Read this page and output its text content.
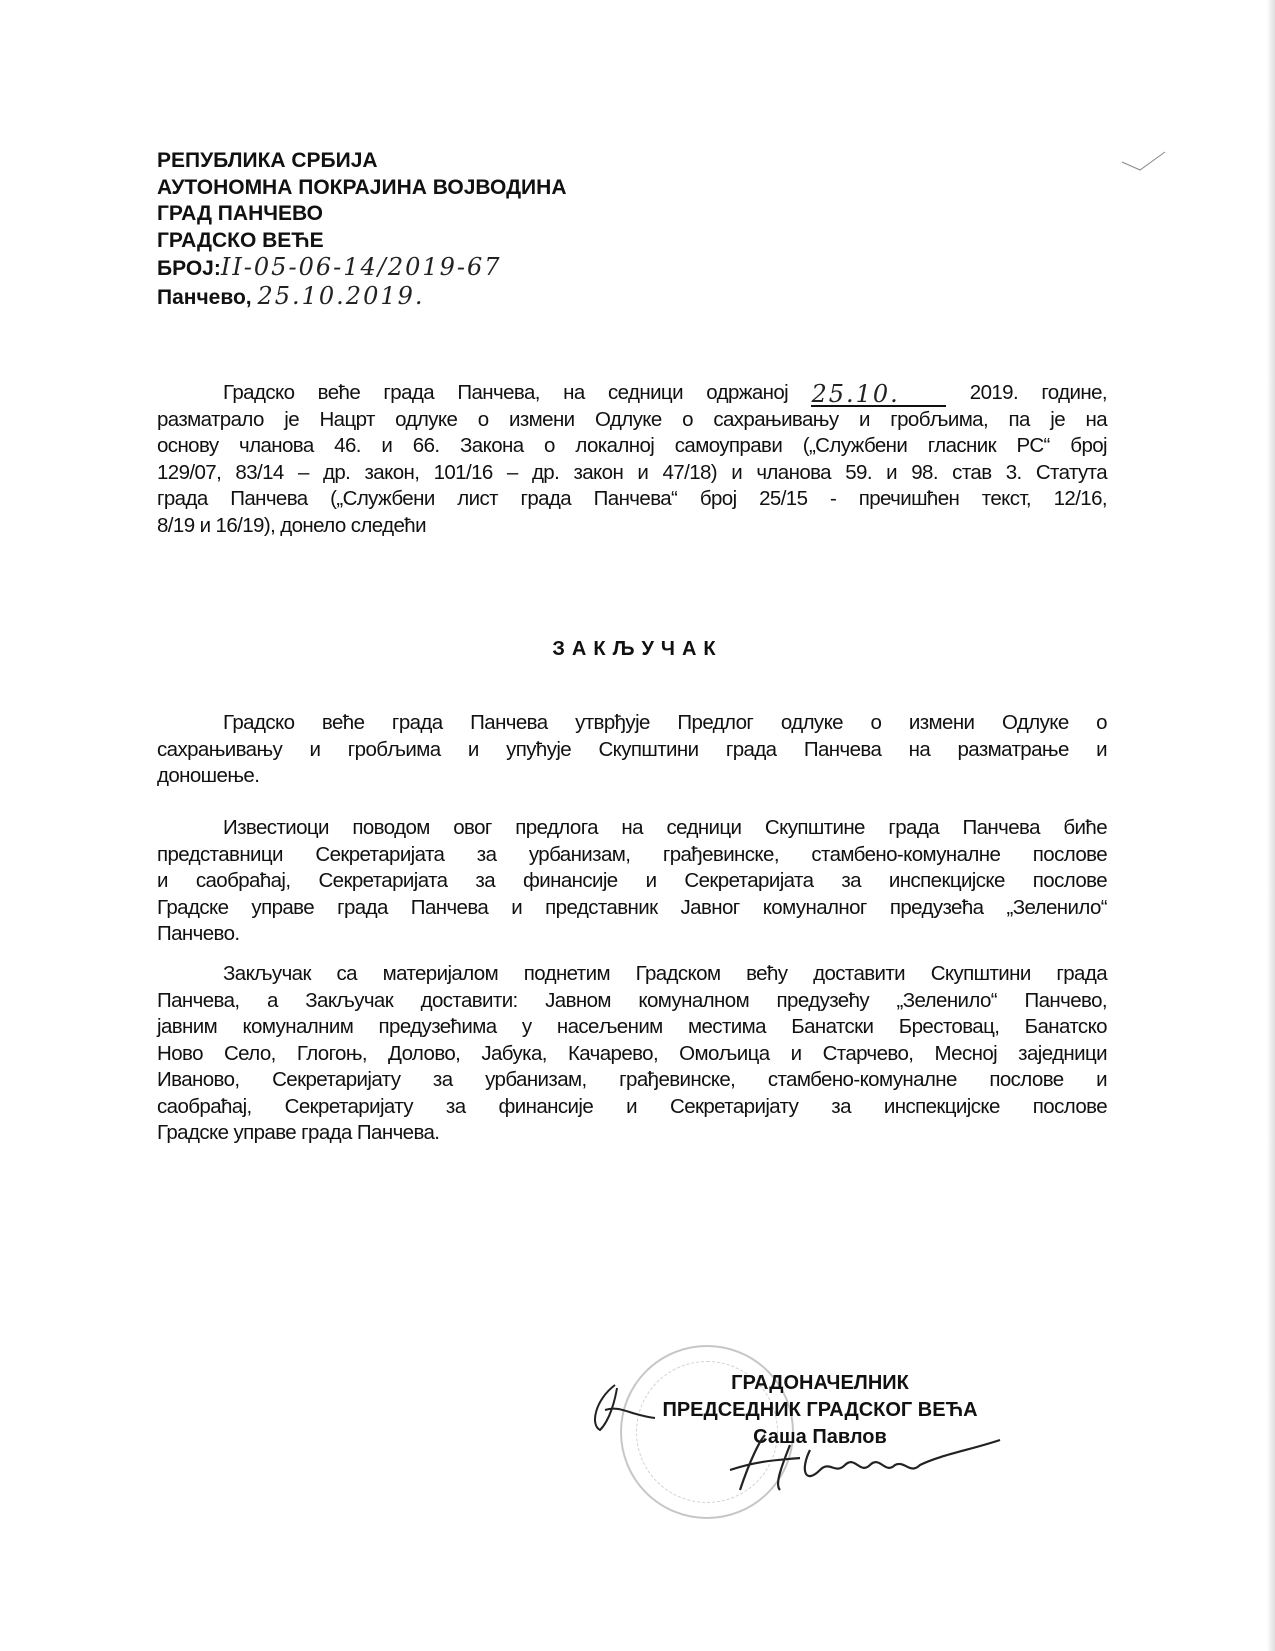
РЕПУБЛИКА СРБИЈА
АУТОНОМНА ПОКРАЈИНА ВОЈВОДИНА
ГРАД ПАНЧЕВО
ГРАДСКО ВЕЋЕ
БРОЈ:II-05-06-14/2019-67
Панчево, 25.10.2019.
Градско веће града Панчева, на седници одржаној 25.10.	2019. године,
разматрало је Нацрт одлуке о измени Одлуке о сахрањивању и гробљима, па је на
основу чланова 46. и 66. Закона о локалној самоуправи („Службени гласник РС“ број
129/07, 83/14 – др. закон, 101/16 – др. закон и 47/18) и чланова 59. и 98. став 3. Статута
града Панчева („Службени лист града Панчева“ број 25/15 - пречишћен текст, 12/16,
8/19 и 16/19), донело следећи
ЗАКЉУЧАК
Градско веће града Панчева утврђује Предлог одлуке о измени Одлуке о
сахрањивању и гробљима и упућује Скупштини града Панчева на разматрање и
доношење.
Известиоци поводом овог предлога на седници Скупштине града Панчева биће
представници Секретаријата за урбанизам, грађевинске, стамбено-комуналне послове
и саобраћај, Секретаријата за финансије и Секретаријата за инспекцијске послове
Градске управе града Панчева и представник Јавног комуналног предузећа „Зеленило“
Панчево.
Закључак са материјалом поднетим Градском већу доставити Скупштини града
Панчева, а Закључак доставити: Јавном комуналном предузећу „Зеленило“ Панчево,
јавним комуналним предузећима у насељеним местима Банатски Брестовац, Банатско
Ново Село, Глогоњ, Долово, Јабука, Качарево, Омољица и Старчево, Месној заједници
Иваново, Секретаријату за урбанизам, грађевинске, стамбено-комуналне послове и
саобраћај, Секретаријату за финансије и Секретаријату за инспекцијске послове
Градске управе града Панчева.
ГРАДОНАЧЕЛНИК
ПРЕДСЕДНИК ГРАДСКОГ ВЕЋА
Саша Павлов
